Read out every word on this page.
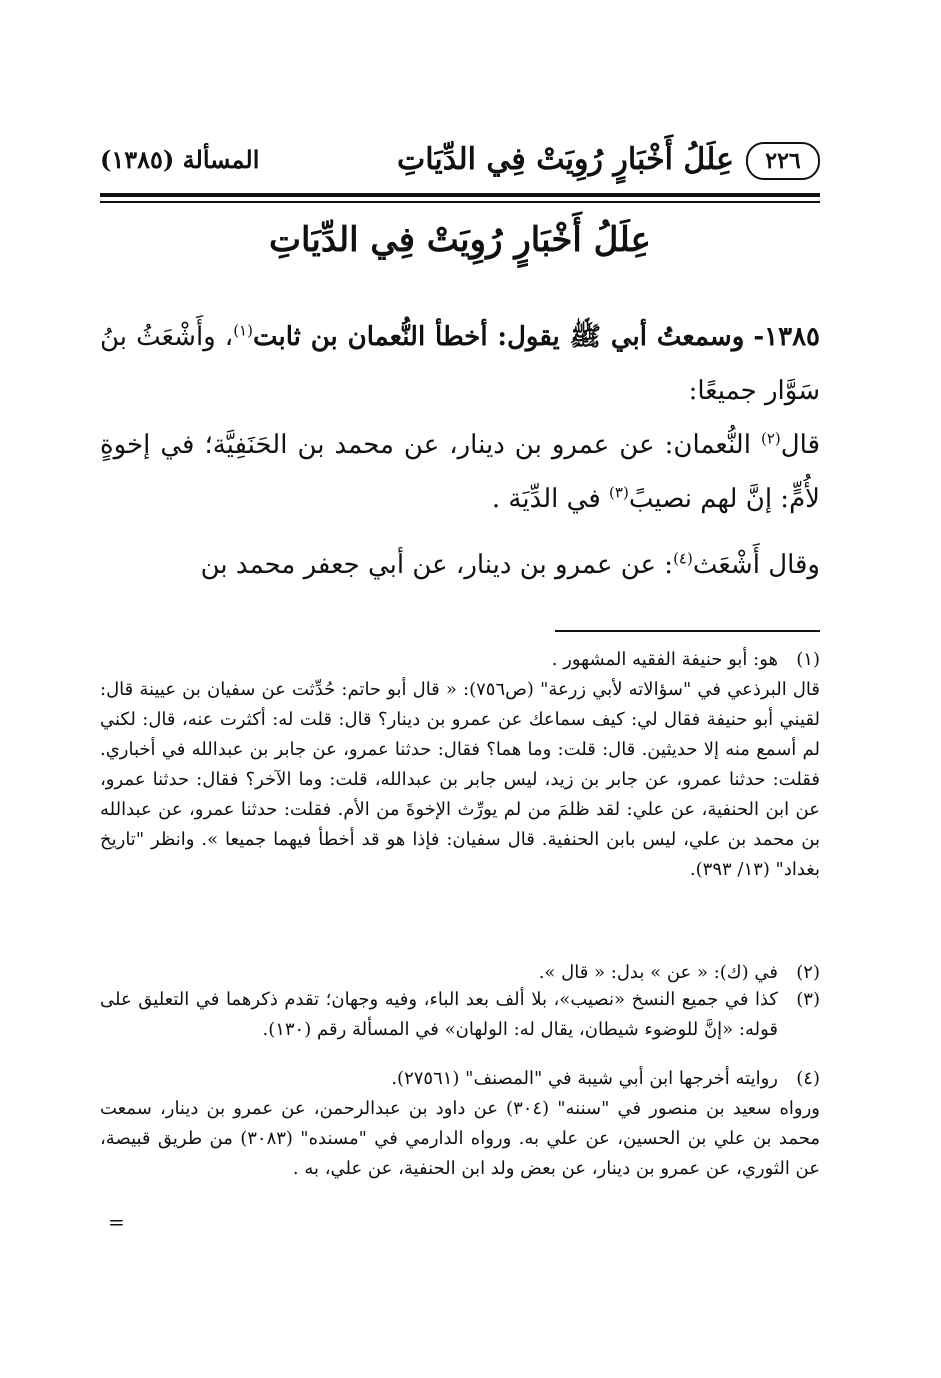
٢٢٦
عِلَلُ أَخْبَارٍ رُوِيَتْ فِي الدِّيَاتِ
المسألة (١٣٨٥)
عِلَلُ أَخْبَارٍ رُوِيَتْ فِي الدِّيَاتِ

١٣٨٥- وسمعتُ أبي ﷺ يقول: أخطأ النُّعمان بن ثابت$^{(١)}$، وأَشْعَثُ بنُ سَوَّار جميعًا:

قال$^{(٢)}$ النُّعمان: عن عمرو بن دينار، عن محمد بن الحَنَفِيَّة؛ في إخوةٍ لأُمٍّ: إنَّ لهم نصيبً$^{(٣)}$ في الدِّيَة .

وقال أَشْعَث$^{(٤)}$: عن عمرو بن دينار، عن أبي جعفر محمد بن

(١)
هو: أبو حنيفة الفقيه المشهور .
قال البرذعي في "سؤالاته لأبي زرعة" (ص٧٥٦): « قال أبو حاتم: حُدِّثت عن سفيان بن عيينة قال: لقيني أبو حنيفة فقال لي: كيف سماعك عن عمرو بن دينار؟ قال: قلت له: أكثرت عنه، قال: لكني لم أسمع منه إلا حديثين. قال: قلت: وما هما؟ فقال: حدثنا عمرو، عن جابر بن عبدالله في أخباري. فقلت: حدثنا عمرو، عن جابر بن زيد، ليس جابر بن عبدالله، قلت: وما الآخر؟ فقال: حدثنا عمرو، عن ابن الحنفية، عن علي: لقد ظلمَ من لم يورِّث الإخوةَ من الأم. فقلت: حدثنا عمرو، عن عبدالله بن محمد بن علي، ليس بابن الحنفية. قال سفيان: فإذا هو قد أخطأ فيهما جميعا ». وانظر "تاريخ بغداد" (١٣/ ٣٩٣).
(٢)
في (ك): « عن » بدل: « قال ».
(٣)
كذا في جميع النسخ «نصيب»، بلا ألف بعد الباء، وفيه وجهان؛ تقدم ذكرهما في التعليق على قوله: «إنَّ للوضوء شيطان، يقال له: الولهان» في المسألة رقم (١٣٠).
(٤)
روايته أخرجها ابن أبي شيبة في "المصنف" (٢٧٥٦١).
ورواه سعيد بن منصور في "سننه" (٣٠٤) عن داود بن عبدالرحمن، عن عمرو بن دينار، سمعت محمد بن علي بن الحسين، عن علي به. ورواه الدارمي في "مسنده" (٣٠٨٣) من طريق قبيصة، عن الثوري، عن عمرو بن دينار، عن بعض ولد ابن الحنفية، عن علي، به .
=
